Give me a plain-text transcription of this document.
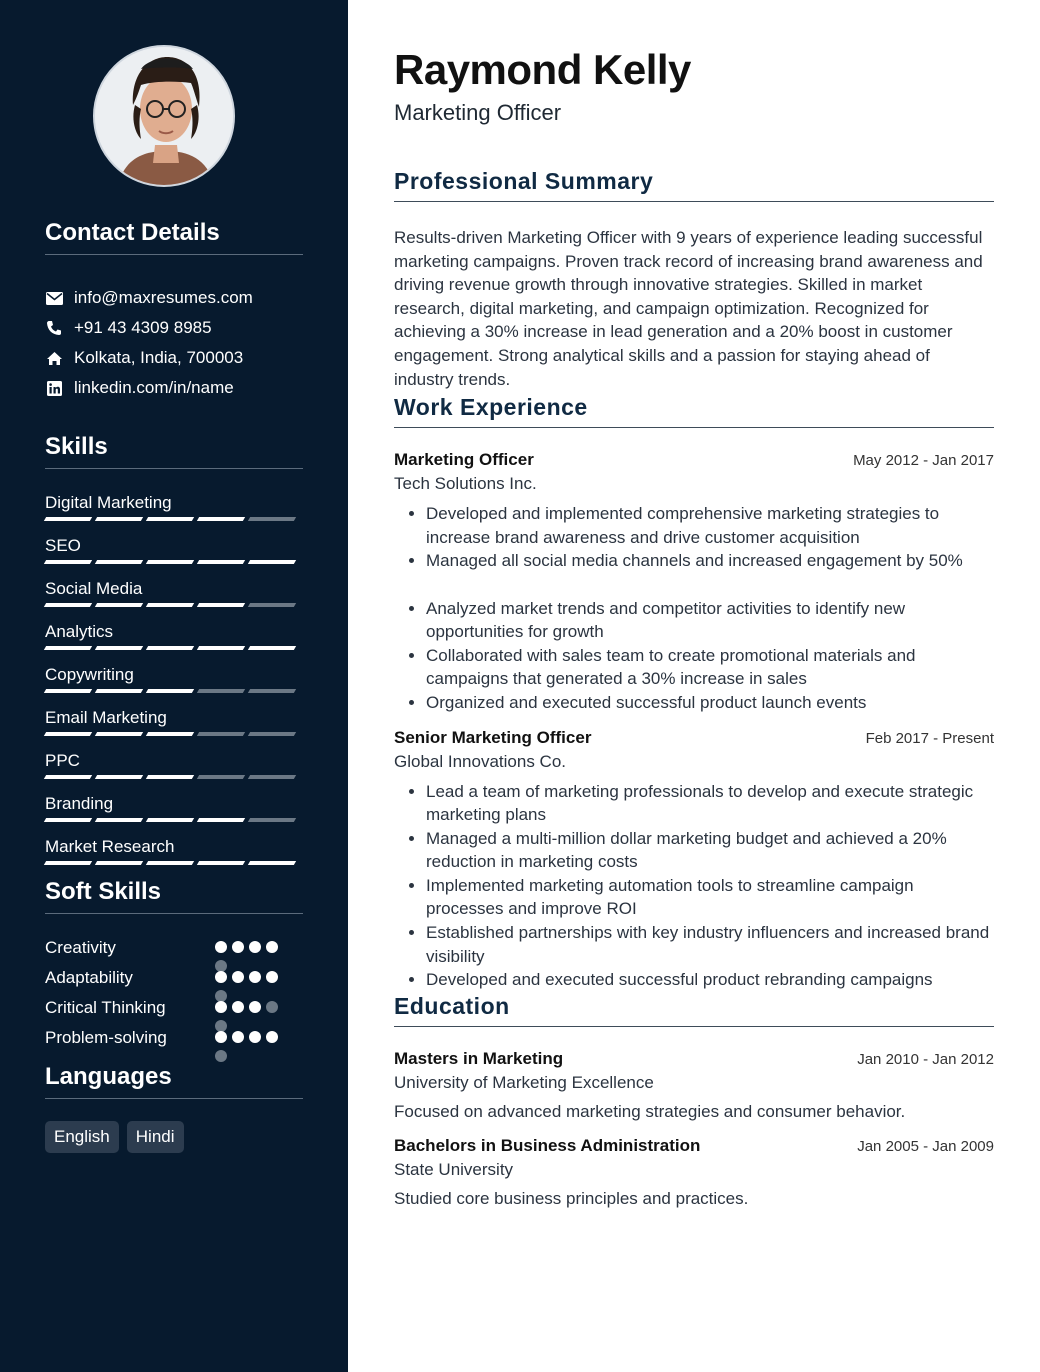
Contact Details
info@maxresumes.com
+91 43 4309 8985
Kolkata, India, 700003
linkedin.com/in/name
Skills
Digital Marketing
SEO
Social Media
Analytics
Copywriting
Email Marketing
PPC
Branding
Market Research
Soft Skills
Creativity
Adaptability
Critical Thinking
Problem-solving
Languages
English	Hindi
Raymond Kelly
Marketing Officer
Professional Summary
Results-driven Marketing Officer with 9 years of experience leading successful marketing campaigns. Proven track record of increasing brand awareness and driving revenue growth through innovative strategies. Skilled in market research, digital marketing, and campaign optimization. Recognized for achieving a 30% increase in lead generation and a 20% boost in customer engagement. Strong analytical skills and a passion for staying ahead of industry trends.
Work Experience
Marketing Officer	May 2012 - Jan 2017
Tech Solutions Inc.
• Developed and implemented comprehensive marketing strategies to increase brand awareness and drive customer acquisition
• Managed all social media channels and increased engagement by 50%
• Analyzed market trends and competitor activities to identify new opportunities for growth
• Collaborated with sales team to create promotional materials and campaigns that generated a 30% increase in sales
• Organized and executed successful product launch events
Senior Marketing Officer	Feb 2017 - Present
Global Innovations Co.
• Lead a team of marketing professionals to develop and execute strategic marketing plans
• Managed a multi-million dollar marketing budget and achieved a 20% reduction in marketing costs
• Implemented marketing automation tools to streamline campaign processes and improve ROI
• Established partnerships with key industry influencers and increased brand visibility
• Developed and executed successful product rebranding campaigns
Education
Masters in Marketing	Jan 2010 - Jan 2012
University of Marketing Excellence
Focused on advanced marketing strategies and consumer behavior.
Bachelors in Business Administration	Jan 2005 - Jan 2009
State University
Studied core business principles and practices.
